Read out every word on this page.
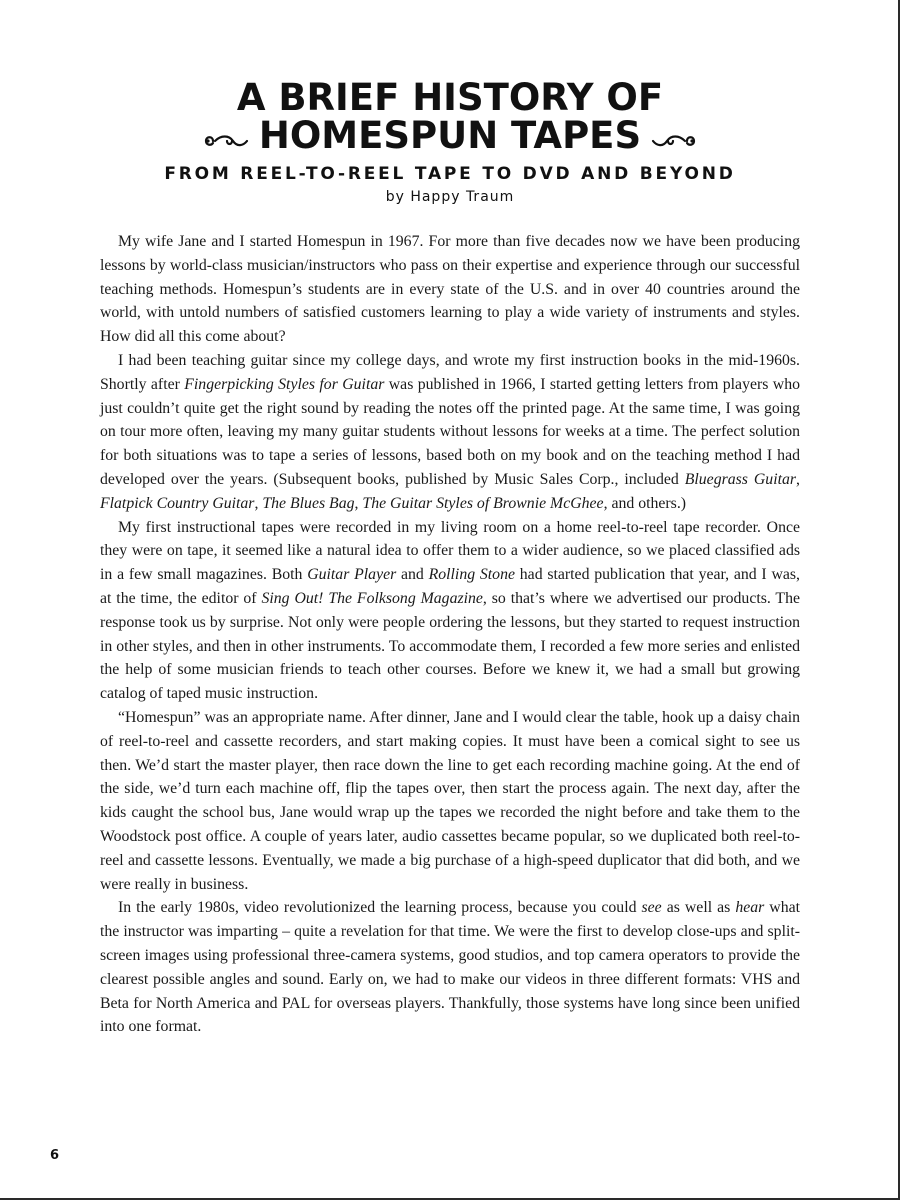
A BRIEF HISTORY OF
HOMESPUN TAPES
FROM REEL-TO-REEL TAPE TO DVD AND BEYOND
by Happy Traum

My wife Jane and I started Homespun in 1967. For more than five decades now we have been producing lessons by world-class musician/instructors who pass on their expertise and experience through our successful teaching methods. Homespun’s students are in every state of the U.S. and in over 40 countries around the world, with untold numbers of satisfied customers learning to play a wide variety of instruments and styles. How did all this come about?

I had been teaching guitar since my college days, and wrote my first instruction books in the mid-1960s. Shortly after Fingerpicking Styles for Guitar was published in 1966, I started getting letters from players who just couldn’t quite get the right sound by reading the notes off the printed page. At the same time, I was going on tour more often, leaving my many guitar students without lessons for weeks at a time. The perfect solution for both situations was to tape a series of lessons, based both on my book and on the teaching method I had developed over the years. (Subsequent books, published by Music Sales Corp., included Bluegrass Guitar, Flatpick Country Guitar, The Blues Bag, The Guitar Styles of Brownie McGhee, and others.)

My first instructional tapes were recorded in my living room on a home reel-to-reel tape recorder. Once they were on tape, it seemed like a natural idea to offer them to a wider audience, so we placed classified ads in a few small magazines. Both Guitar Player and Rolling Stone had started publication that year, and I was, at the time, the editor of Sing Out! The Folksong Magazine, so that’s where we advertised our products. The response took us by surprise. Not only were people ordering the lessons, but they started to request instruction in other styles, and then in other instruments. To accommodate them, I recorded a few more series and enlisted the help of some musician friends to teach other courses. Before we knew it, we had a small but growing catalog of taped music instruction.

“Homespun” was an appropriate name. After dinner, Jane and I would clear the table, hook up a daisy chain of reel-to-reel and cassette recorders, and start making copies. It must have been a comical sight to see us then. We’d start the master player, then race down the line to get each recording machine going. At the end of the side, we’d turn each machine off, flip the tapes over, then start the process again. The next day, after the kids caught the school bus, Jane would wrap up the tapes we recorded the night before and take them to the Woodstock post office. A couple of years later, audio cassettes became popular, so we duplicated both reel-to-reel and cassette lessons. Eventually, we made a big purchase of a high-speed duplicator that did both, and we were really in business.

In the early 1980s, video revolutionized the learning process, because you could see as well as hear what the instructor was imparting – quite a revelation for that time. We were the first to develop close-ups and split-screen images using professional three-camera systems, good studios, and top camera operators to provide the clearest possible angles and sound. Early on, we had to make our videos in three different formats: VHS and Beta for North America and PAL for overseas players. Thankfully, those systems have long since been unified into one format.

6
